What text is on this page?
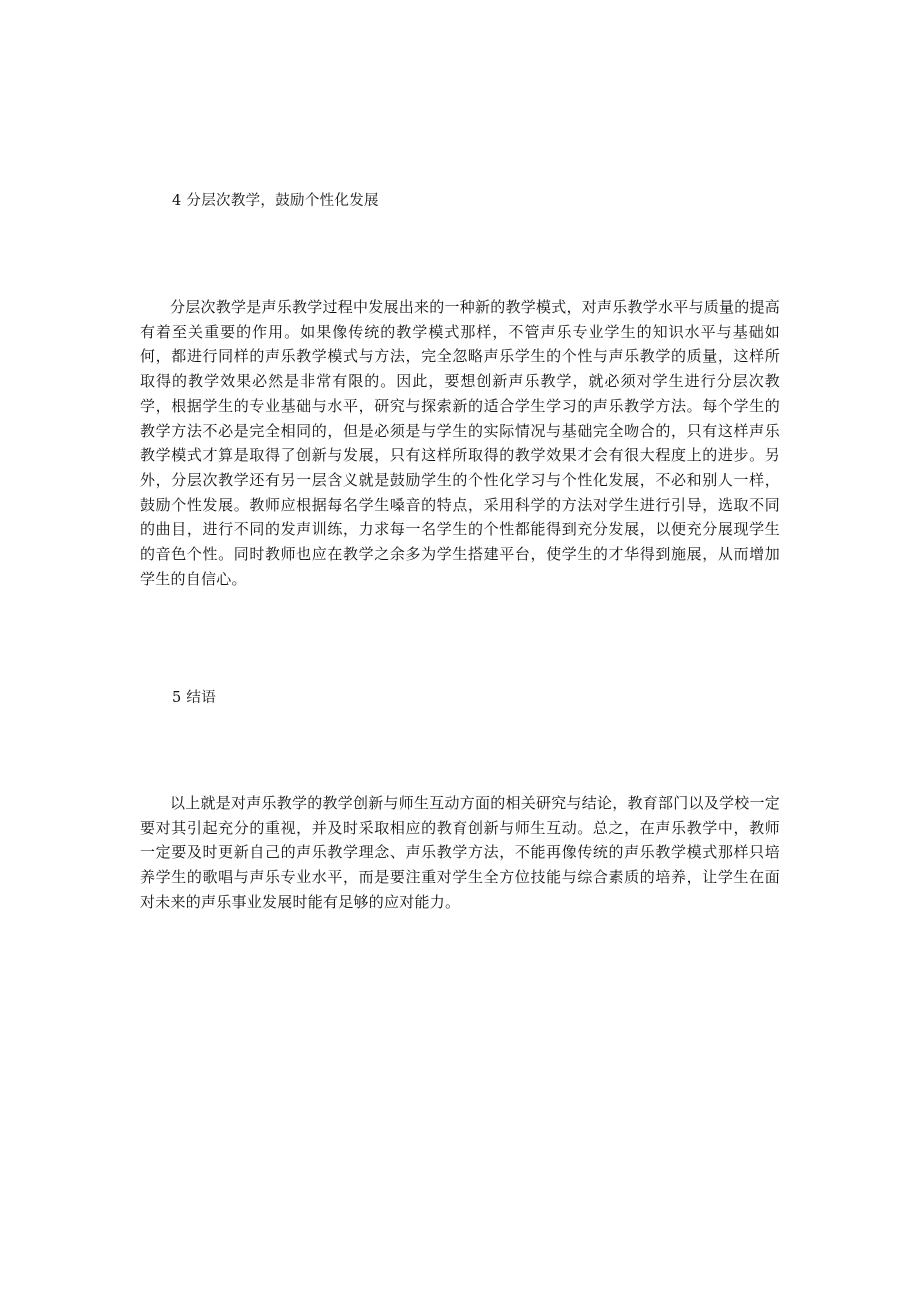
4 分层次教学，鼓励个性化发展

分层次教学是声乐教学过程中发展出来的一种新的教学模式，对声乐教学水平与质量的提高有着至关重要的作用。如果像传统的教学模式那样，不管声乐专业学生的知识水平与基础如何，都进行同样的声乐教学模式与方法，完全忽略声乐学生的个性与声乐教学的质量，这样所取得的教学效果必然是非常有限的。因此，要想创新声乐教学，就必须对学生进行分层次教学，根据学生的专业基础与水平，研究与探索新的适合学生学习的声乐教学方法。每个学生的教学方法不必是完全相同的，但是必须是与学生的实际情况与基础完全吻合的，只有这样声乐教学模式才算是取得了创新与发展，只有这样所取得的教学效果才会有很大程度上的进步。另外，分层次教学还有另一层含义就是鼓励学生的个性化学习与个性化发展，不必和别人一样，鼓励个性发展。教师应根据每名学生嗓音的特点，采用科学的方法对学生进行引导，选取不同的曲目，进行不同的发声训练，力求每一名学生的个性都能得到充分发展，以便充分展现学生的音色个性。同时教师也应在教学之余多为学生搭建平台，使学生的才华得到施展，从而增加学生的自信心。

5 结语

以上就是对声乐教学的教学创新与师生互动方面的相关研究与结论，教育部门以及学校一定要对其引起充分的重视，并及时采取相应的教育创新与师生互动。总之，在声乐教学中，教师一定要及时更新自己的声乐教学理念、声乐教学方法，不能再像传统的声乐教学模式那样只培养学生的歌唱与声乐专业水平，而是要注重对学生全方位技能与综合素质的培养，让学生在面对未来的声乐事业发展时能有足够的应对能力。
